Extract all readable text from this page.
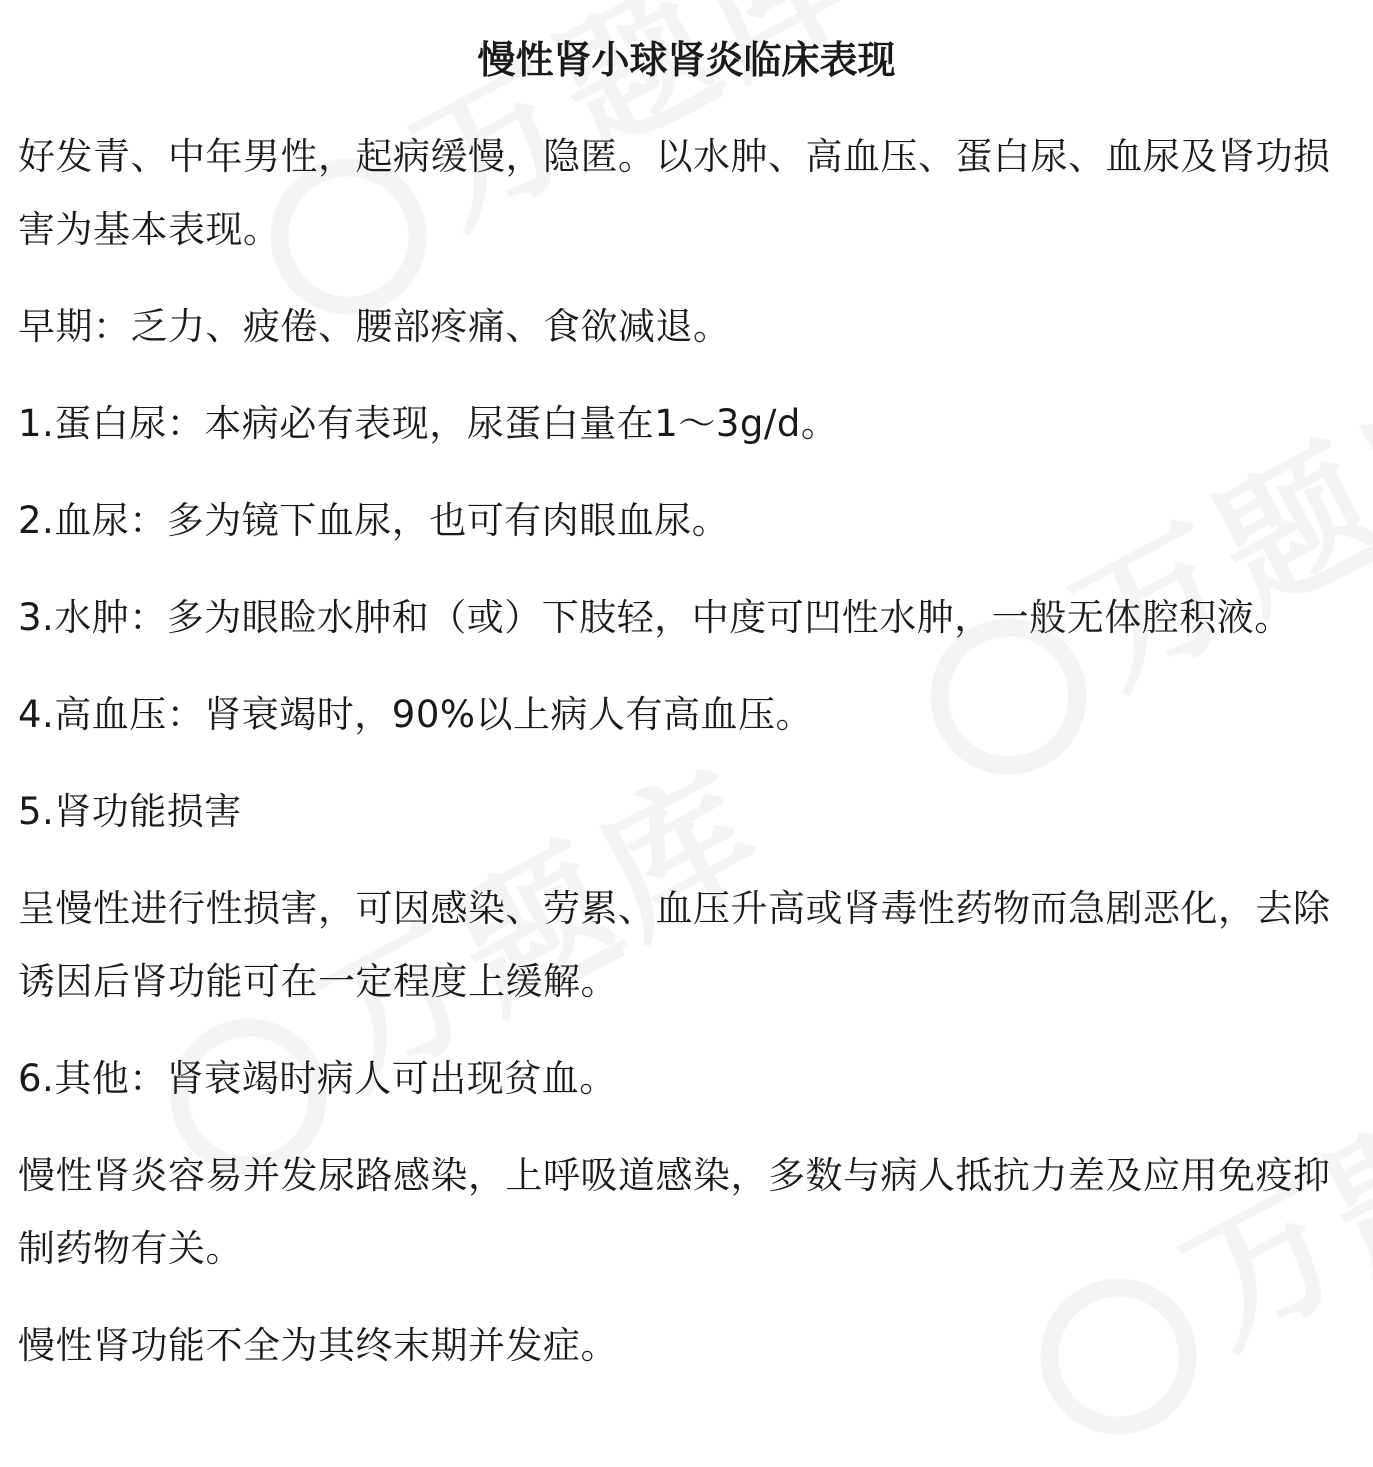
慢性肾小球肾炎临床表现

好发青、中年男性，起病缓慢，隐匿。以水肿、高血压、蛋白尿、血尿及肾功损害为基本表现。

早期：乏力、疲倦、腰部疼痛、食欲减退。

1.蛋白尿：本病必有表现，尿蛋白量在1～3g/d。

2.血尿：多为镜下血尿，也可有肉眼血尿。

3.水肿：多为眼睑水肿和（或）下肢轻，中度可凹性水肿，一般无体腔积液。

4.高血压：肾衰竭时，90%以上病人有高血压。

5.肾功能损害

呈慢性进行性损害，可因感染、劳累、血压升高或肾毒性药物而急剧恶化，去除诱因后肾功能可在一定程度上缓解。

6.其他：肾衰竭时病人可出现贫血。

慢性肾炎容易并发尿路感染，上呼吸道感染，多数与病人抵抗力差及应用免疫抑制药物有关。

慢性肾功能不全为其终末期并发症。
